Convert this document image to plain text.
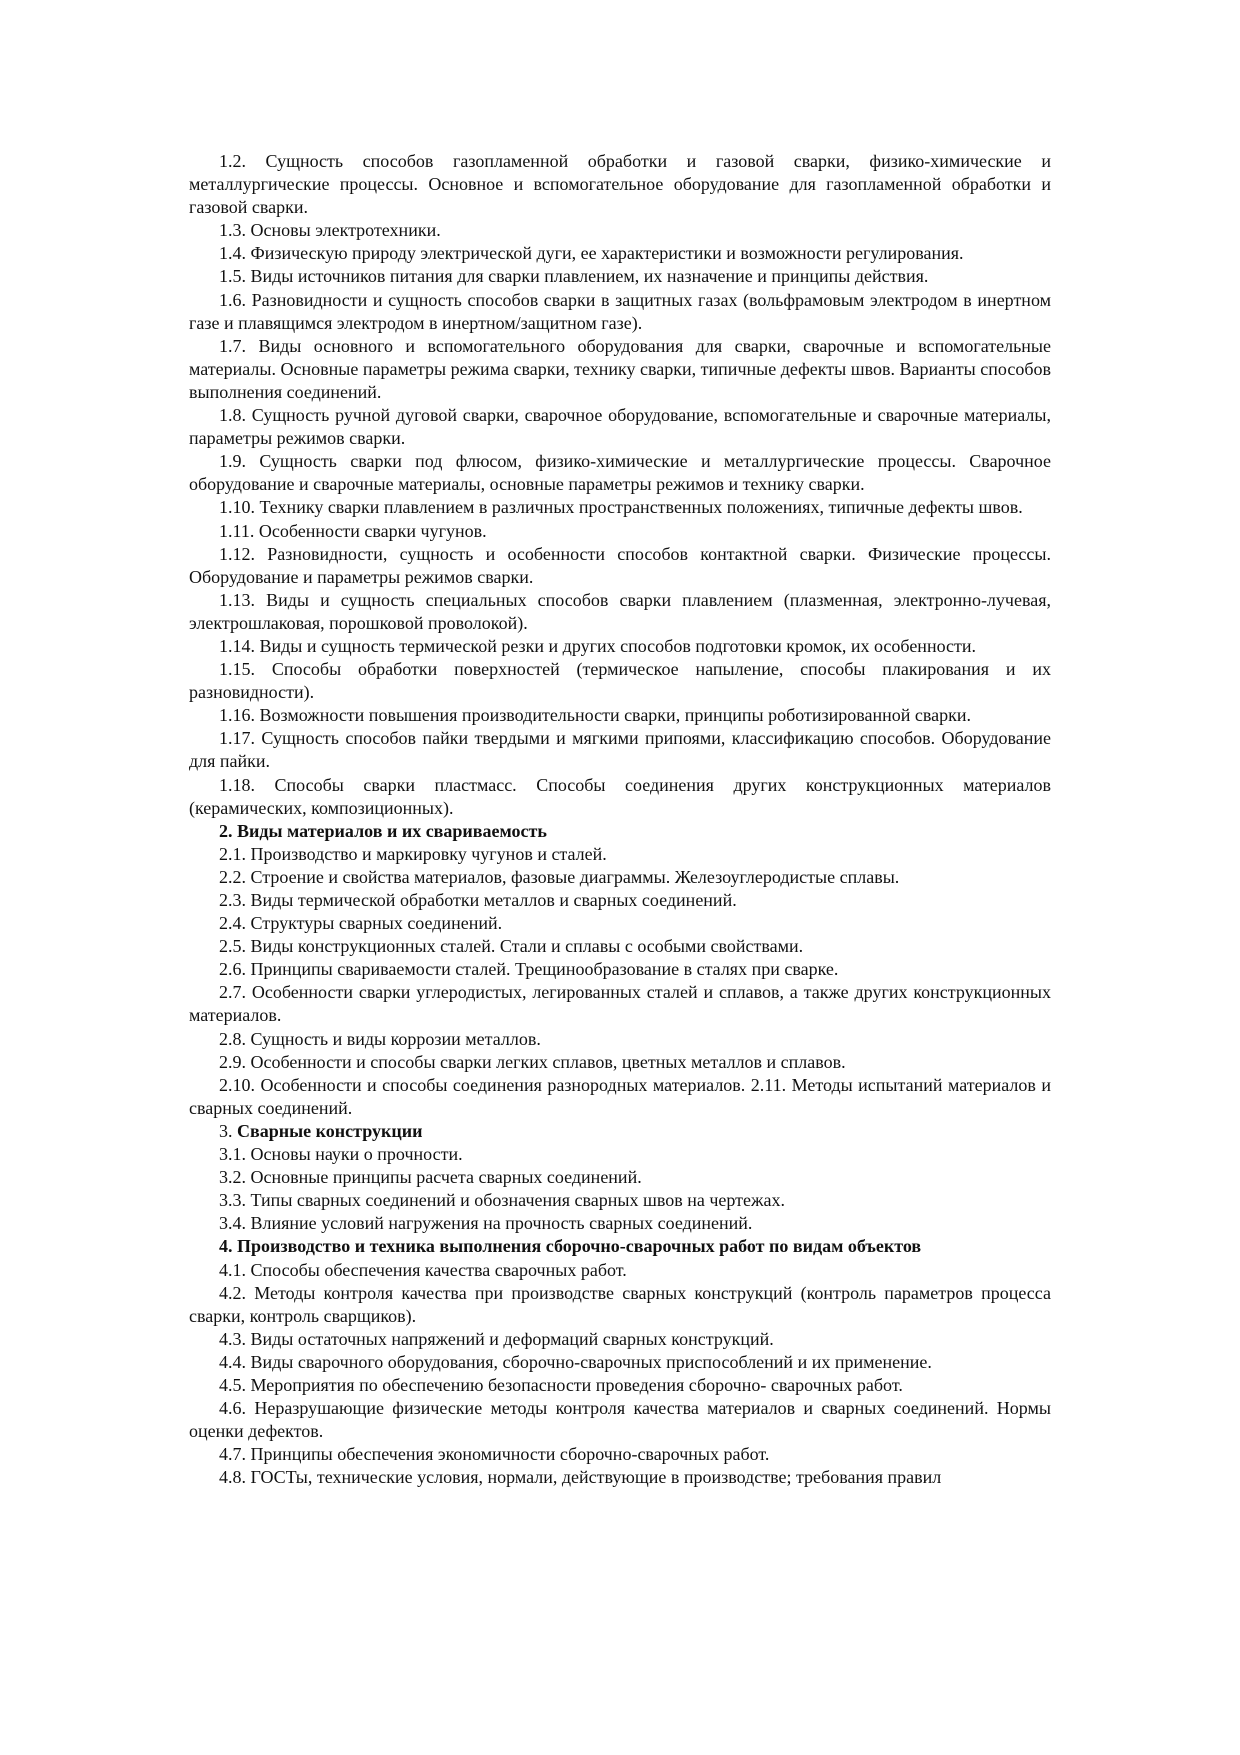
1.2. Сущность способов газопламенной обработки и газовой сварки, физико-химические и металлургические процессы. Основное и вспомогательное оборудование для газопламенной обработки и газовой сварки.

1.3. Основы электротехники.

1.4. Физическую природу электрической дуги, ее характеристики и возможности регулирования.

1.5. Виды источников питания для сварки плавлением, их назначение и принципы действия.

1.6. Разновидности и сущность способов сварки в защитных газах (вольфрамовым электродом в инертном газе и плавящимся электродом в инертном/защитном газе).

1.7. Виды основного и вспомогательного оборудования для сварки, сварочные и вспомогательные материалы. Основные параметры режима сварки, технику сварки, типичные дефекты швов. Варианты способов выполнения соединений.

1.8. Сущность ручной дуговой сварки, сварочное оборудование, вспомогательные и сварочные материалы, параметры режимов сварки.

1.9. Сущность сварки под флюсом, физико-химические и металлургические процессы. Сварочное оборудование и сварочные материалы, основные параметры режимов и технику сварки.

1.10. Технику сварки плавлением в различных пространственных положениях, типичные дефекты швов.

1.11. Особенности сварки чугунов.

1.12. Разновидности, сущность и особенности способов контактной сварки. Физические процессы. Оборудование и параметры режимов сварки.

1.13. Виды и сущность специальных способов сварки плавлением (плазменная, электронно-лучевая, электрошлаковая, порошковой проволокой).

1.14. Виды и сущность термической резки и других способов подготовки кромок, их особенности.

1.15. Способы обработки поверхностей (термическое напыление, способы плакирования и их разновидности).

1.16. Возможности повышения производительности сварки, принципы роботизированной сварки.

1.17. Сущность способов пайки твердыми и мягкими припоями, классификацию способов. Оборудование для пайки.

1.18. Способы сварки пластмасс. Способы соединения других конструкционных материалов (керамических, композиционных).

2. Виды материалов и их свариваемость

2.1. Производство и маркировку чугунов и сталей.

2.2. Строение и свойства материалов, фазовые диаграммы. Железоуглеродистые сплавы.

2.3. Виды термической обработки металлов и сварных соединений.

2.4. Структуры сварных соединений.

2.5. Виды конструкционных сталей. Стали и сплавы с особыми свойствами.

2.6. Принципы свариваемости сталей. Трещинообразование в сталях при сварке.

2.7. Особенности сварки углеродистых, легированных сталей и сплавов, а также других конструкционных материалов.

2.8. Сущность и виды коррозии металлов.

2.9. Особенности и способы сварки легких сплавов, цветных металлов и сплавов.

2.10. Особенности и способы соединения разнородных материалов. 2.11. Методы испытаний материалов и сварных соединений.

3. Сварные конструкции

3.1. Основы науки о прочности.

3.2. Основные принципы расчета сварных соединений.

3.3. Типы сварных соединений и обозначения сварных швов на чертежах.

3.4. Влияние условий нагружения на прочность сварных соединений.

4. Производство и техника выполнения сборочно-сварочных работ по видам объектов

4.1. Способы обеспечения качества сварочных работ.

4.2. Методы контроля качества при производстве сварных конструкций (контроль параметров процесса сварки, контроль сварщиков).

4.3. Виды остаточных напряжений и деформаций сварных конструкций.

4.4. Виды сварочного оборудования, сборочно-сварочных приспособлений и их применение.

4.5. Мероприятия по обеспечению безопасности проведения сборочно- сварочных работ.

4.6. Неразрушающие физические методы контроля качества материалов и сварных соединений. Нормы оценки дефектов.

4.7. Принципы обеспечения экономичности сборочно-сварочных работ.

4.8. ГОСТы, технические условия, нормали, действующие в производстве; требования правил
